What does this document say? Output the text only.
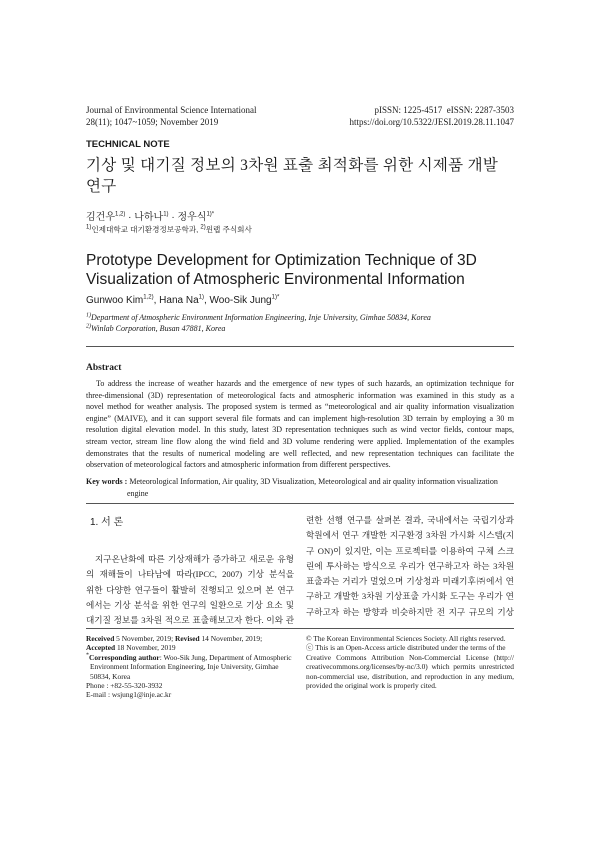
Journal of Environmental Science International
28(11); 1047~1059; November 2019
pISSN: 1225-4517  eISSN: 2287-3503
https://doi.org/10.5322/JESI.2019.28.11.1047
TECHNICAL NOTE
기상 및 대기질 정보의 3차원 표출 최적화를 위한 시제품 개발
연구
김건우$^{1,2)}$ · 나하나$^{1)}$ · 정우식$^{1)*}$
$^{1)}$인제대학교 대기환경정보공학과, $^{2)}$윈랩 주식회사
Prototype Development for Optimization Technique of 3D
Visualization of Atmospheric Environmental Information
Gunwoo Kim$^{1,2)}$, Hana Na$^{1)}$, Woo-Sik Jung$^{1)*}$
$^{1)}$Department of Atmospheric Environment Information Engineering, Inje University, Gimhae 50834, Korea
$^{2)}$Winlab Corporation, Busan 47881, Korea
Abstract
To address the increase of weather hazards and the emergence of new types of such hazards, an optimization technique for
three-dimensional (3D) representation of meteorological facts and atmospheric information was examined in this study as a
novel method for weather analysis. The proposed system is termed as “meteorological and air quality information visualization
engine” (MAIVE), and it can support several file formats and can implement high-resolution 3D terrain by employing a 30 m
resolution digital elevation model. In this study, latest 3D representation techniques such as wind vector fields, contour maps,
stream vector, stream line flow along the wind field and 3D volume rendering were applied. Implementation of the examples
demonstrates that the results of numerical modeling are well reflected, and new representation techniques can facilitate the
observation of meteorological factors and atmospheric information from different perspectives.
Key words : Meteorological Information, Air quality, 3D Visualization, Meteorological and air quality information visualization
engine
1. 서 론
지구온난화에 따른 기상재해가 증가하고 새로운 유형
의 재해들이 나타남에 따라(IPCC, 2007) 기상 분석을
위한 다양한 연구들이 활발히 진행되고 있으며 본 연구
에서는 기상 분석을 위한 연구의 일환으로 기상 요소 및
대기질 정보를 3차원 적으로 표출해보고자 한다. 이와 관
련한 선행 연구를 살펴본 결과, 국내에서는 국립기상과
학원에서 연구 개발한 지구환경 3차원 가시화 시스템(지
구 ON)이 있지만, 이는 프로젝터를 이용하여 구체 스크
린에 투사하는 방식으로 우리가 연구하고자 하는 3차원
표출과는 거리가 멀었으며 기상청과 미래기후㈜에서 연
구하고 개발한 3차원 기상표출 가시화 도구는 우리가 연
구하고자 하는 방향과 비슷하지만 전 지구 규모의 기상
Received 5 November, 2019; Revised 14 November, 2019;
Accepted 18 November, 2019
*Corresponding author: Woo-Sik Jung, Department of Atmospheric
Environment Information Engineering, Inje University, Gimhae
50834, Korea
Phone : +82-55-320-3932
E-mail : wsjung1@inje.ac.kr
© The Korean Environmental Sciences Society. All rights reserved.
ⓒ This is an Open-Access article distributed under the terms of the
Creative Commons Attribution Non-Commercial License (http://
creativecommons.org/licenses/by-nc/3.0) which permits unrestricted
non-commercial use, distribution, and reproduction in any medium,
provided the original work is properly cited.
